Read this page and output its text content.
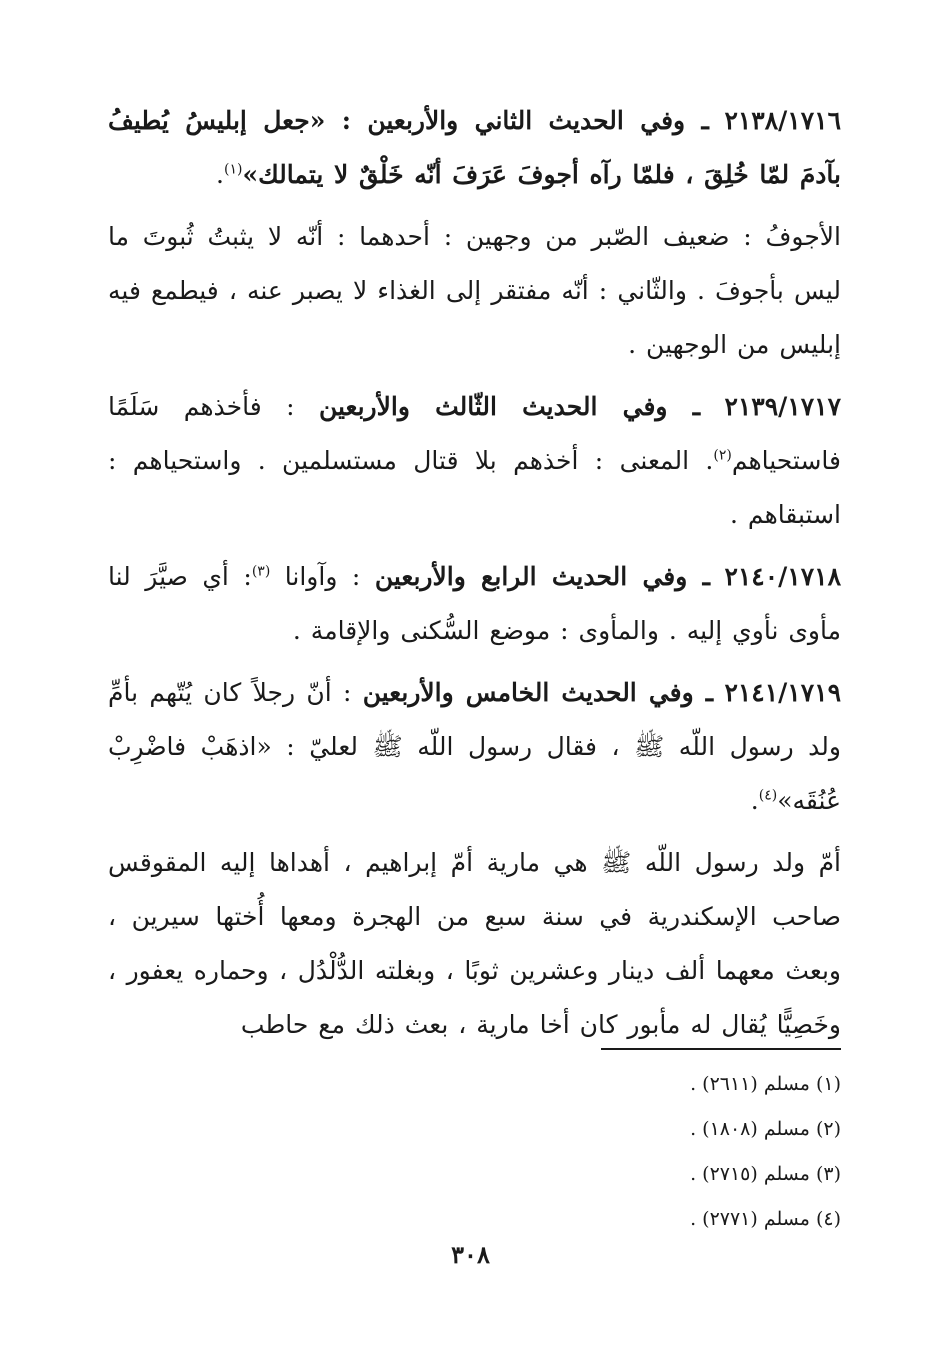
٢١٣٨/١٧١٦ ـ وفي الحديث الثاني والأربعين : «جعل إبليسُ يُطيفُ بآدمَ لمّا خُلِقَ ، فلمّا رآه أجوفَ عَرَفَ أنّه خَلْقٌ لا يتمالك»$^{(١)}$.

الأجوفُ : ضعيف الصّبر من وجهين : أحدهما : أنّه لا يثبتُ ثُبوتَ ما ليس بأجوفَ . والثّاني : أنّه مفتقر إلى الغذاء لا يصبر عنه ، فيطمع فيه إبليس من الوجهين .

٢١٣٩/١٧١٧ ـ وفي الحديث الثّالث والأربعين : فأخذهم سَلَمًا فاستحياهم$^{(٢)}$. المعنى : أخذهم بلا قتال مستسلمين . واستحياهم : استبقاهم .

٢١٤٠/١٧١٨ ـ وفي الحديث الرابع والأربعين : وآوانا $^{(٣)}$: أي صيَّرَ لنا مأوى نأوي إليه . والمأوى : موضع السُّكنى والإقامة .

٢١٤١/١٧١٩ ـ وفي الحديث الخامس والأربعين : أنّ رجلاً كان يُتّهم بأمِّ ولد رسول اللّه ﷺ ، فقال رسول اللّه ﷺ لعليّ : «اذهَبْ فاضْرِبْ عُنُقَه»$^{(٤)}$.

أمّ ولد رسول اللّه ﷺ هي مارية أمّ إبراهيم ، أهداها إليه المقوقس صاحب الإسكندرية في سنة سبع من الهجرة ومعها أُختها سيرين ، وبعث معهما ألف دينار وعشرين ثوبًا ، وبغلته الدُّلْدُل ، وحماره يعفور ، وخَصِيًّا يُقال له مأبور كان أخا مارية ، بعث ذلك مع حاطب

(١) مسلم (٢٦١١) .

(٢) مسلم (١٨٠٨) .

(٣) مسلم (٢٧١٥) .

(٤) مسلم (٢٧٧١) .

٣٠٨
